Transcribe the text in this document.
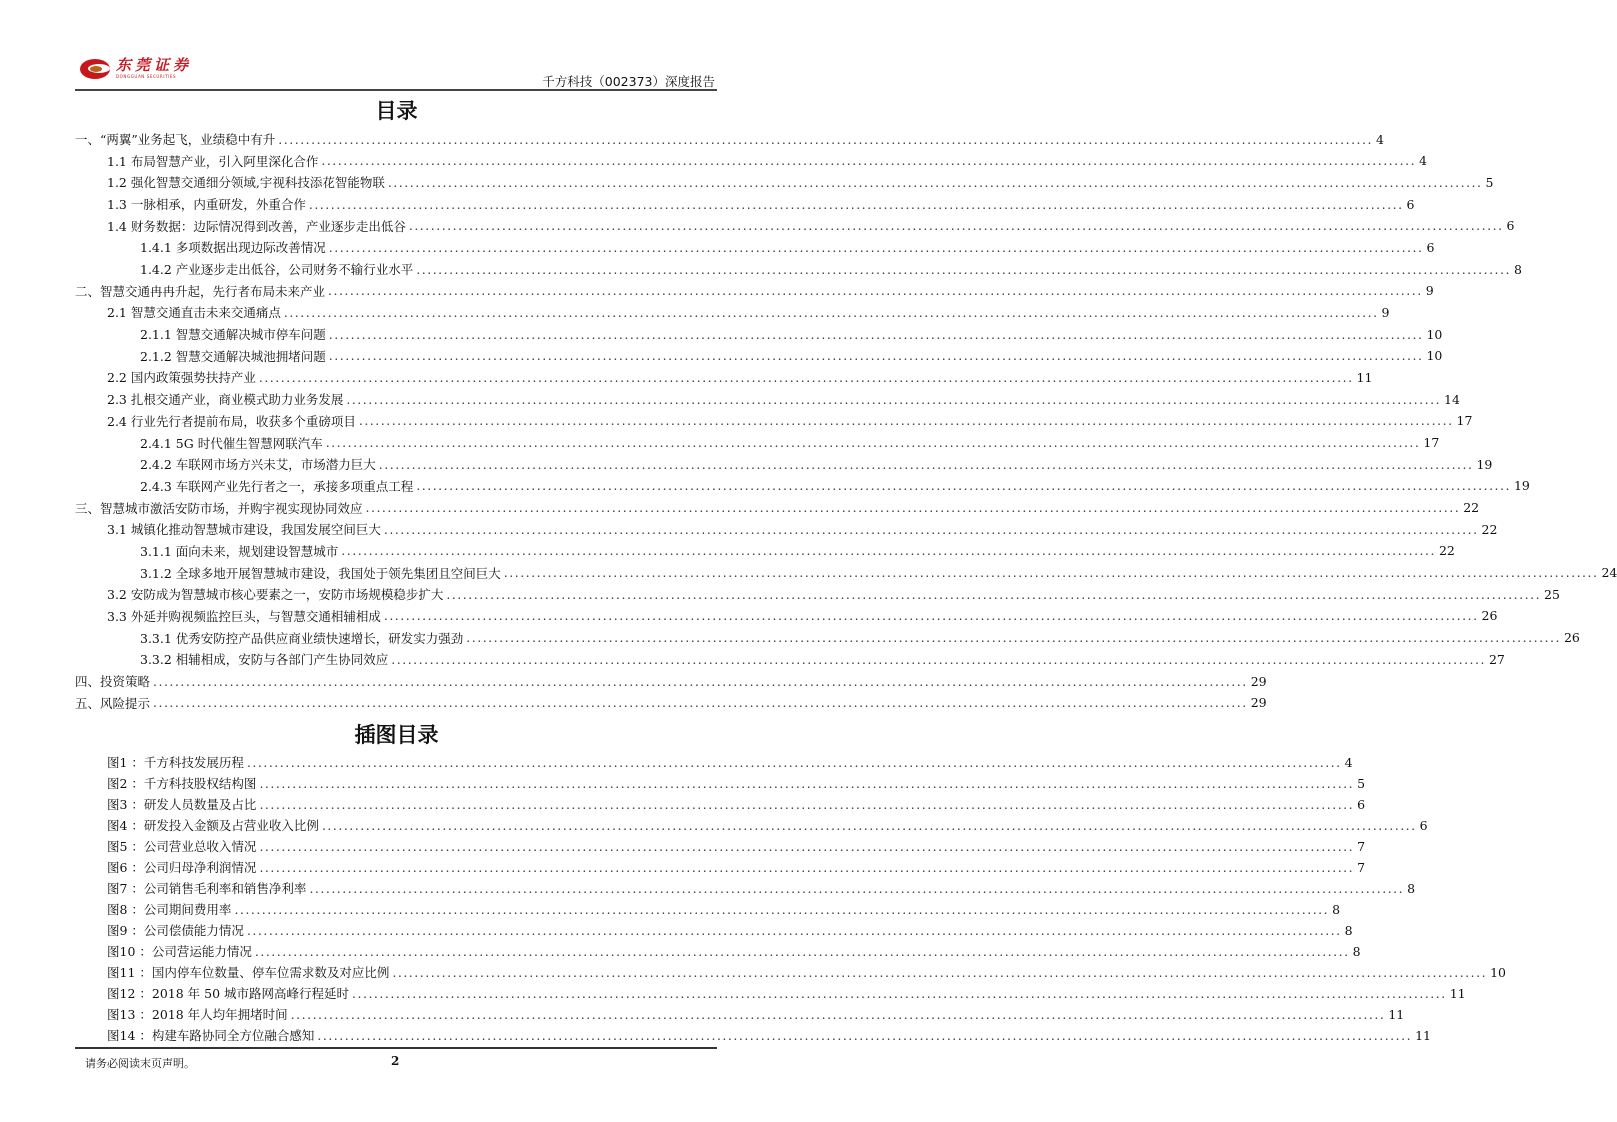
东莞证券
DONGGUAN SECURITIES	千方科技（002373）深度报告
目录
一、“两翼”业务起飞，业绩稳中有升 ........................................................................................................................................................................................................ 4
1.1 布局智慧产业，引入阿里深化合作 ........................................................................................................................................................................................................ 4
1.2 强化智慧交通细分领域,宇视科技添花智能物联 ........................................................................................................................................................................................................ 5
1.3 一脉相承，内重研发，外重合作 ........................................................................................................................................................................................................ 6
1.4 财务数据：边际情况得到改善，产业逐步走出低谷 ........................................................................................................................................................................................................ 6
1.4.1 多项数据出现边际改善情况 ........................................................................................................................................................................................................ 6
1.4.2 产业逐步走出低谷，公司财务不输行业水平 ........................................................................................................................................................................................................ 8
二、智慧交通冉冉升起，先行者布局未来产业 ........................................................................................................................................................................................................ 9
2.1 智慧交通直击未来交通痛点 ........................................................................................................................................................................................................ 9
2.1.1 智慧交通解决城市停车问题 ........................................................................................................................................................................................................ 10
2.1.2 智慧交通解决城池拥堵问题 ........................................................................................................................................................................................................ 10
2.2 国内政策强势扶持产业 ........................................................................................................................................................................................................ 11
2.3 扎根交通产业，商业模式助力业务发展 ........................................................................................................................................................................................................ 14
2.4 行业先行者提前布局，收获多个重磅项目 ........................................................................................................................................................................................................ 17
2.4.1 5G 时代催生智慧网联汽车 ........................................................................................................................................................................................................ 17
2.4.2 车联网市场方兴未艾，市场潜力巨大 ........................................................................................................................................................................................................ 19
2.4.3 车联网产业先行者之一，承接多项重点工程 ........................................................................................................................................................................................................ 19
三、智慧城市激活安防市场，并购宇视实现协同效应 ........................................................................................................................................................................................................ 22
3.1 城镇化推动智慧城市建设，我国发展空间巨大 ........................................................................................................................................................................................................ 22
3.1.1 面向未来，规划建设智慧城市 ........................................................................................................................................................................................................ 22
3.1.2 全球多地开展智慧城市建设，我国处于领先集团且空间巨大 ........................................................................................................................................................................................................ 24
3.2 安防成为智慧城市核心要素之一，安防市场规模稳步扩大 ........................................................................................................................................................................................................ 25
3.3 外延并购视频监控巨头，与智慧交通相辅相成 ........................................................................................................................................................................................................ 26
3.3.1 优秀安防控产品供应商业绩快速增长，研发实力强劲 ........................................................................................................................................................................................................ 26
3.3.2 相辅相成，安防与各部门产生协同效应 ........................................................................................................................................................................................................ 27
四、投资策略 ........................................................................................................................................................................................................ 29
五、风险提示 ........................................................................................................................................................................................................ 29
插图目录
图1 ：千方科技发展历程 ........................................................................................................................................................................................................ 4
图2 ：千方科技股权结构图 ........................................................................................................................................................................................................ 5
图3 ：研发人员数量及占比 ........................................................................................................................................................................................................ 6
图4 ：研发投入金额及占营业收入比例 ........................................................................................................................................................................................................ 6
图5 ：公司营业总收入情况 ........................................................................................................................................................................................................ 7
图6 ：公司归母净利润情况 ........................................................................................................................................................................................................ 7
图7 ：公司销售毛利率和销售净利率 ........................................................................................................................................................................................................ 8
图8 ：公司期间费用率 ........................................................................................................................................................................................................ 8
图9 ：公司偿债能力情况 ........................................................................................................................................................................................................ 8
图10 ：公司营运能力情况 ........................................................................................................................................................................................................ 8
图11 ：国内停车位数量、停车位需求数及对应比例 ........................................................................................................................................................................................................ 10
图12 ：2018 年 50 城市路网高峰行程延时 ........................................................................................................................................................................................................ 11
图13 ：2018 年人均年拥堵时间 ........................................................................................................................................................................................................ 11
图14 ：构建车路协同全方位融合感知 ........................................................................................................................................................................................................ 11
请务必阅读末页声明。	2
